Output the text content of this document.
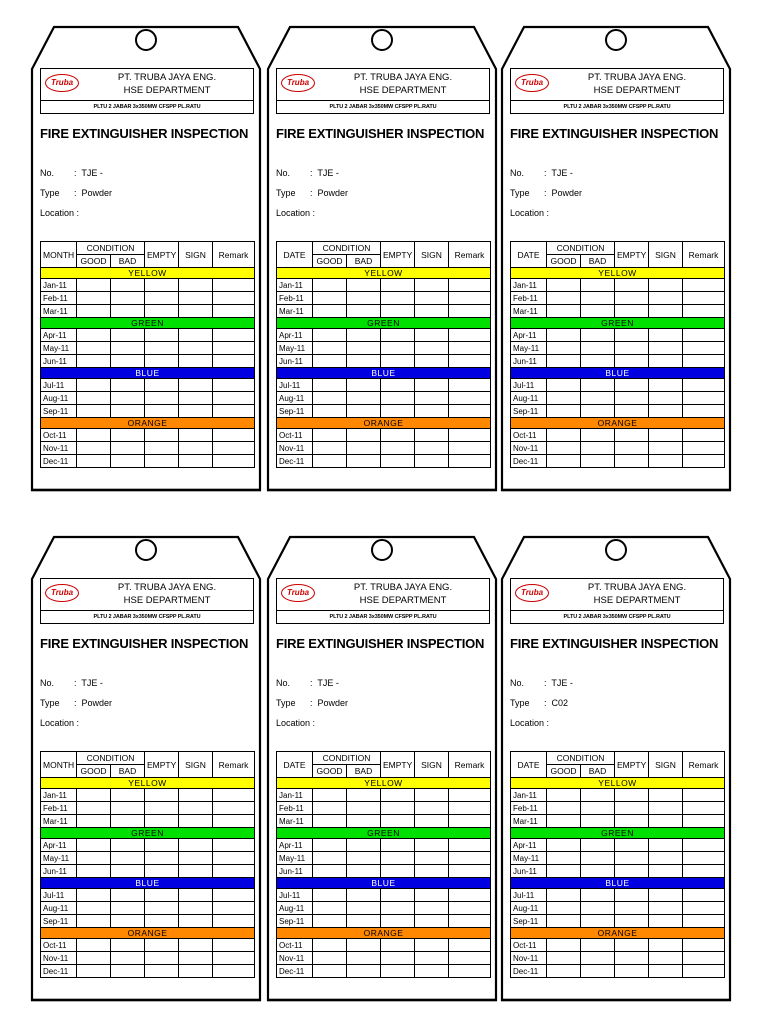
Truba	PT. TRUBA JAYA ENG.
HSE DEPARTMENT
PLTU 2 JABAR 3x350MW CFSPP PL.RATU
FIRE EXTINGUISHER INSPECTION
No. : TJE -
Type : Powder
Location :
MONTH	CONDITION		EMPTY	SIGN	Remark
	GOOD	BAD			
YELLOW					
Jan-11					
Feb-11					
Mar-11					
GREEN					
Apr-11					
May-11					
Jun-11					
BLUE					
Jul-11					
Aug-11					
Sep-11					
ORANGE					
Oct-11					
Nov-11					
Dec-11					
Truba	PT. TRUBA JAYA ENG.
HSE DEPARTMENT
PLTU 2 JABAR 3x350MW CFSPP PL.RATU
FIRE EXTINGUISHER INSPECTION
No. : TJE -
Type : Powder
Location :
DATE	CONDITION		EMPTY	SIGN	Remark
	GOOD	BAD			
YELLOW					
Jan-11					
Feb-11					
Mar-11					
GREEN					
Apr-11					
May-11					
Jun-11					
BLUE					
Jul-11					
Aug-11					
Sep-11					
ORANGE					
Oct-11					
Nov-11					
Dec-11					
Truba	PT. TRUBA JAYA ENG.
HSE DEPARTMENT
PLTU 2 JABAR 3x350MW CFSPP PL.RATU
FIRE EXTINGUISHER INSPECTION
No. : TJE -
Type : Powder
Location :
DATE	CONDITION		EMPTY	SIGN	Remark
	GOOD	BAD			
YELLOW					
Jan-11					
Feb-11					
Mar-11					
GREEN					
Apr-11					
May-11					
Jun-11					
BLUE					
Jul-11					
Aug-11					
Sep-11					
ORANGE					
Oct-11					
Nov-11					
Dec-11					
Truba	PT. TRUBA JAYA ENG.
HSE DEPARTMENT
PLTU 2 JABAR 3x350MW CFSPP PL.RATU
FIRE EXTINGUISHER INSPECTION
No. : TJE -
Type : Powder
Location :
MONTH	CONDITION		EMPTY	SIGN	Remark
	GOOD	BAD			
YELLOW					
Jan-11					
Feb-11					
Mar-11					
GREEN					
Apr-11					
May-11					
Jun-11					
BLUE					
Jul-11					
Aug-11					
Sep-11					
ORANGE					
Oct-11					
Nov-11					
Dec-11					
Truba	PT. TRUBA JAYA ENG.
HSE DEPARTMENT
PLTU 2 JABAR 3x350MW CFSPP PL.RATU
FIRE EXTINGUISHER INSPECTION
No. : TJE -
Type : Powder
Location :
DATE	CONDITION		EMPTY	SIGN	Remark
	GOOD	BAD			
YELLOW					
Jan-11					
Feb-11					
Mar-11					
GREEN					
Apr-11					
May-11					
Jun-11					
BLUE					
Jul-11					
Aug-11					
Sep-11					
ORANGE					
Oct-11					
Nov-11					
Dec-11					
Truba	PT. TRUBA JAYA ENG.
HSE DEPARTMENT
PLTU 2 JABAR 3x350MW CFSPP PL.RATU
FIRE EXTINGUISHER INSPECTION
No. : TJE -
Type : C02
Location :
DATE	CONDITION		EMPTY	SIGN	Remark
	GOOD	BAD			
YELLOW					
Jan-11					
Feb-11					
Mar-11					
GREEN					
Apr-11					
May-11					
Jun-11					
BLUE					
Jul-11					
Aug-11					
Sep-11					
ORANGE					
Oct-11					
Nov-11					
Dec-11					
